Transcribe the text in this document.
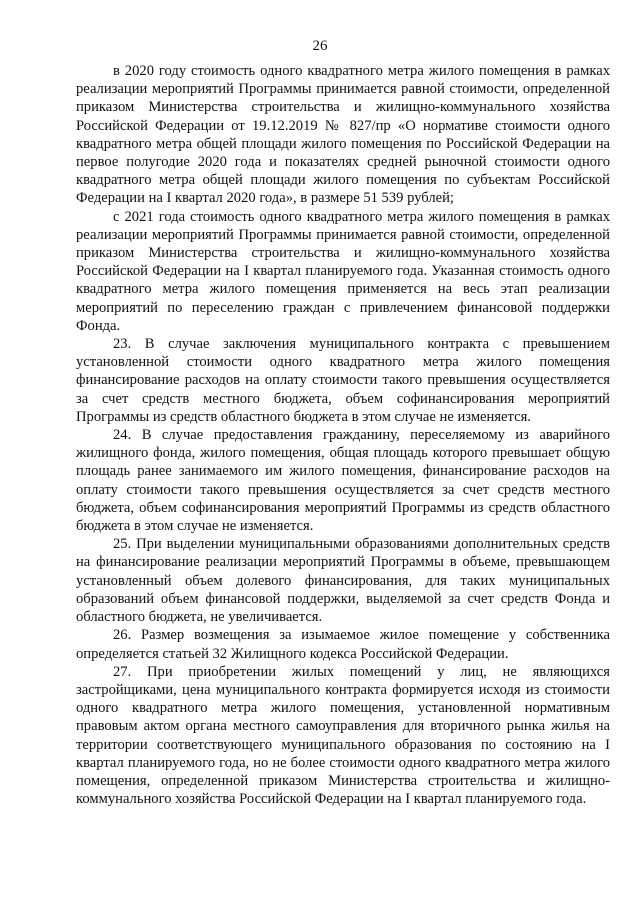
26

в 2020 году стоимость одного квадратного метра жилого помещения в рамках реализации мероприятий Программы принимается равной стоимости, определенной приказом Министерства строительства и жилищно-коммунального хозяйства Российской Федерации от 19.12.2019 № 827/пр «О нормативе стоимости одного квадратного метра общей площади жилого помещения по Российской Федерации на первое полугодие 2020 года и показателях средней рыночной стоимости одного квадратного метра общей площади жилого помещения по субъектам Российской Федерации на I квартал 2020 года», в размере 51 539 рублей;

с 2021 года стоимость одного квадратного метра жилого помещения в рамках реализации мероприятий Программы принимается равной стоимости, определенной приказом Министерства строительства и жилищно-коммунального хозяйства Российской Федерации на I квартал планируемого года. Указанная стоимость одного квадратного метра жилого помещения применяется на весь этап реализации мероприятий по переселению граждан с привлечением финансовой поддержки Фонда.

23. В случае заключения муниципального контракта с превышением установленной стоимости одного квадратного метра жилого помещения финансирование расходов на оплату стоимости такого превышения осуществляется за счет средств местного бюджета, объем софинансирования мероприятий Программы из средств областного бюджета в этом случае не изменяется.

24. В случае предоставления гражданину, переселяемому из аварийного жилищного фонда, жилого помещения, общая площадь которого превышает общую площадь ранее занимаемого им жилого помещения, финансирование расходов на оплату стоимости такого превышения осуществляется за счет средств местного бюджета, объем софинансирования мероприятий Программы из средств областного бюджета в этом случае не изменяется.

25. При выделении муниципальными образованиями дополнительных средств на финансирование реализации мероприятий Программы в объеме, превышающем установленный объем долевого финансирования, для таких муниципальных образований объем финансовой поддержки, выделяемой за счет средств Фонда и областного бюджета, не увеличивается.

26. Размер возмещения за изымаемое жилое помещение у собственника определяется статьей 32 Жилищного кодекса Российской Федерации.

27. При приобретении жилых помещений у лиц, не являющихся застройщиками, цена муниципального контракта формируется исходя из стоимости одного квадратного метра жилого помещения, установленной нормативным правовым актом органа местного самоуправления для вторичного рынка жилья на территории соответствующего муниципального образования по состоянию на I квартал планируемого года, но не более стоимости одного квадратного метра жилого помещения, определенной приказом Министерства строительства и жилищно-коммунального хозяйства Российской Федерации на I квартал планируемого года.
